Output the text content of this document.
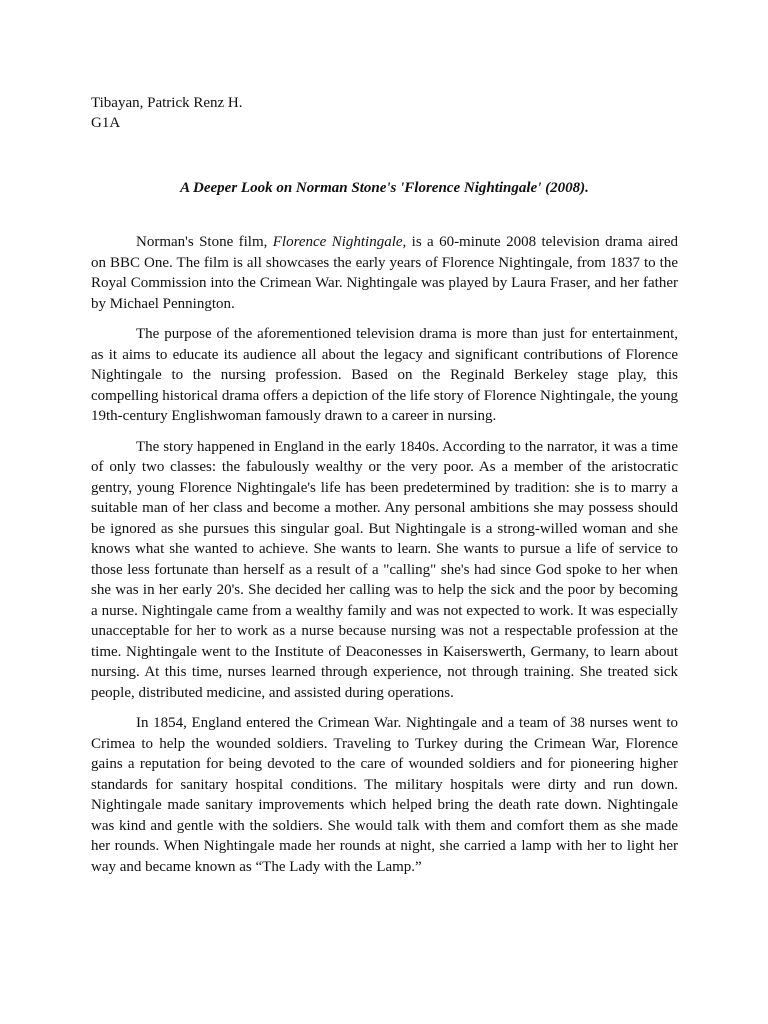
Tibayan, Patrick Renz H.
G1A
A Deeper Look on Norman Stone's 'Florence Nightingale' (2008).

Norman's Stone film, Florence Nightingale, is a 60-minute 2008 television drama aired on BBC One. The film is all showcases the early years of Florence Nightingale, from 1837 to the Royal Commission into the Crimean War. Nightingale was played by Laura Fraser, and her father by Michael Pennington.

The purpose of the aforementioned television drama is more than just for entertainment, as it aims to educate its audience all about the legacy and significant contributions of Florence Nightingale to the nursing profession. Based on the Reginald Berkeley stage play, this compelling historical drama offers a depiction of the life story of Florence Nightingale, the young 19th-century Englishwoman famously drawn to a career in nursing.

The story happened in England in the early 1840s. According to the narrator, it was a time of only two classes: the fabulously wealthy or the very poor. As a member of the aristocratic gentry, young Florence Nightingale's life has been predetermined by tradition: she is to marry a suitable man of her class and become a mother. Any personal ambitions she may possess should be ignored as she pursues this singular goal. But Nightingale is a strong-willed woman and she knows what she wanted to achieve. She wants to learn. She wants to pursue a life of service to those less fortunate than herself as a result of a "calling" she's had since God spoke to her when she was in her early 20's. She decided her calling was to help the sick and the poor by becoming a nurse. Nightingale came from a wealthy family and was not expected to work. It was especially unacceptable for her to work as a nurse because nursing was not a respectable profession at the time. Nightingale went to the Institute of Deaconesses in Kaiserswerth, Germany, to learn about nursing. At this time, nurses learned through experience, not through training. She treated sick people, distributed medicine, and assisted during operations.

In 1854, England entered the Crimean War. Nightingale and a team of 38 nurses went to Crimea to help the wounded soldiers. Traveling to Turkey during the Crimean War, Florence gains a reputation for being devoted to the care of wounded soldiers and for pioneering higher standards for sanitary hospital conditions. The military hospitals were dirty and run down. Nightingale made sanitary improvements which helped bring the death rate down. Nightingale was kind and gentle with the soldiers. She would talk with them and comfort them as she made her rounds. When Nightingale made her rounds at night, she carried a lamp with her to light her way and became known as “The Lady with the Lamp.”
